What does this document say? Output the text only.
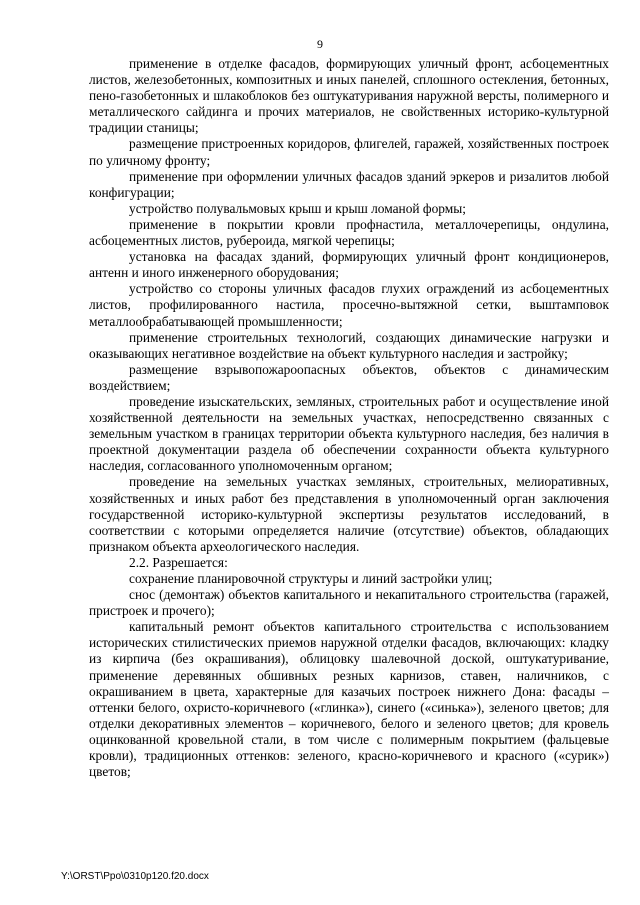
9

применение в отделке фасадов, формирующих уличный фронт, асбоцементных листов, железобетонных, композитных и иных панелей, сплошного остекления, бетонных, пено-газобетонных и шлакоблоков без оштукатуривания наружной версты, полимерного и металлического сайдинга и прочих материалов, не свойственных историко-культурной традиции станицы;

размещение пристроенных коридоров, флигелей, гаражей, хозяйственных построек по уличному фронту;

применение при оформлении уличных фасадов зданий эркеров и ризалитов любой конфигурации;

устройство полувальмовых крыш и крыш ломаной формы;

применение в покрытии кровли профнастила, металлочерепицы, ондулина, асбоцементных листов, рубероида, мягкой черепицы;

установка на фасадах зданий, формирующих уличный фронт кондиционеров, антенн и иного инженерного оборудования;

устройство со стороны уличных фасадов глухих ограждений из асбоцементных листов, профилированного настила, просечно-вытяжной сетки, выштамповок металлообрабатывающей промышленности;

применение строительных технологий, создающих динамические нагрузки и оказывающих негативное воздействие на объект культурного наследия и застройку;

размещение взрывопожароопасных объектов, объектов с динамическим воздействием;

проведение изыскательских, земляных, строительных работ и осуществление иной хозяйственной деятельности на земельных участках, непосредственно связанных с земельным участком в границах территории объекта культурного наследия, без наличия в проектной документации раздела об обеспечении сохранности объекта культурного наследия, согласованного уполномоченным органом;

проведение на земельных участках земляных, строительных, мелиоративных, хозяйственных и иных работ без представления в уполномоченный орган заключения государственной историко-культурной экспертизы результатов исследований, в соответствии с которыми определяется наличие (отсутствие) объектов, обладающих признаком объекта археологического наследия.

2.2. Разрешается:

сохранение планировочной структуры и линий застройки улиц;

снос (демонтаж) объектов капитального и некапитального строительства (гаражей, пристроек и прочего);

капитальный ремонт объектов капитального строительства с использованием исторических стилистических приемов наружной отделки фасадов, включающих: кладку из кирпича (без окрашивания), облицовку шалевочной доской, оштукатуривание, применение деревянных обшивных резных карнизов, ставен, наличников, с окрашиванием в цвета, характерные для казачьих построек нижнего Дона: фасады – оттенки белого, охристо-коричневого («глинка»), синего («синька»), зеленого цветов; для отделки декоративных элементов – коричневого, белого и зеленого цветов; для кровель оцинкованной кровельной стали, в том числе с полимерным покрытием (фальцевые кровли), традиционных оттенков: зеленого, красно-коричневого и красного («сурик») цветов;

Y:\ORST\Ppo\0310p120.f20.docx
